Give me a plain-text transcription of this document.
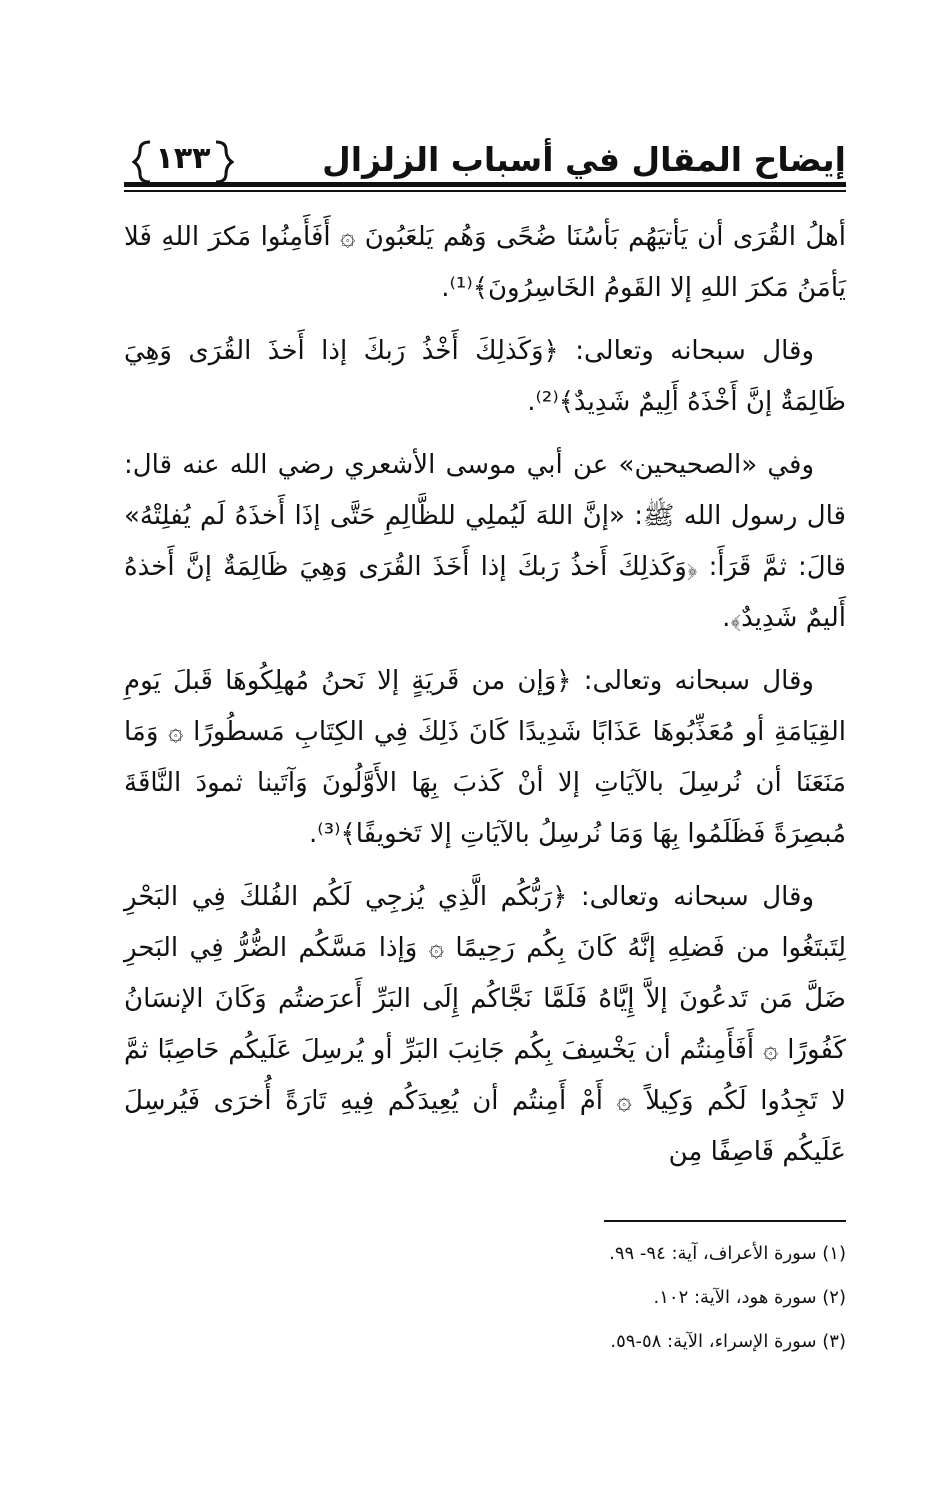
إيضاح المقال في أسباب الزلزال
١٣٣

أهلُ القُرَى أن يَأتيَهُم بَأسُنَا ضُحًى وَهُم يَلعَبُونَ ۞ أَفَأَمِنُوا مَكرَ اللهِ فَلا يَأمَنُ مَكرَ اللهِ إلا القَومُ الخَاسِرُونَ﴾⁽¹⁾.

وقال سبحانه وتعالى: ﴿وَكَذلِكَ أَخْذُ رَبكَ إذا أَخذَ القُرَى وَهِيَ ظَالِمَةٌ إنَّ أَخْذَهُ أَلِيمٌ شَدِيدٌ﴾⁽²⁾.

وفي «الصحيحين» عن أبي موسى الأشعري رضي الله عنه قال: قال رسول الله ﷺ: «إنَّ اللهَ لَيُملِي للظَّالِمِ حَتَّى إذَا أَخذَهُ لَم يُفلِتْهُ» قالَ: ثمَّ قَرَأَ: ﴿وَكَذلِكَ أَخذُ رَبكَ إذا أَخَذَ القُرَى وَهِيَ ظَالِمَةٌ إنَّ أَخذهُ أَليمٌ شَدِيدٌ﴾.

وقال سبحانه وتعالى: ﴿وَإن من قَريَةٍ إلا نَحنُ مُهلِكُوهَا قَبلَ يَومِ القِيَامَةِ أو مُعَذِّبُوهَا عَذَابًا شَدِيدًا كَانَ ذَلِكَ فِي الكِتَابِ مَسطُورًا ۞ وَمَا مَنَعَنَا أن نُرسِلَ بالآيَاتِ إلا أنْ كَذبَ بِهَا الأَوَّلُونَ وَآتَينا ثمودَ النَّاقَةَ مُبصِرَةً فَظَلَمُوا بِهَا وَمَا نُرسِلُ بالآيَاتِ إلا تَخويفًا﴾⁽³⁾.

وقال سبحانه وتعالى: ﴿رَبُّكُم الَّذِي يُزجِي لَكُم الفُلكَ فِي البَحْرِ لِتَبتَغُوا من فَضلِهِ إنَّهُ كَانَ بِكُم رَحِيمًا ۞ وَإذا مَسَّكُم الضُّرُّ فِي البَحرِ ضَلَّ مَن تَدعُونَ إلاَّ إِيَّاهُ فَلَمَّا نَجَّاكُم إِلَى البَرِّ أَعرَضتُم وَكَانَ الإنسَانُ كَفُورًا ۞ أَفَأَمِنتُم أن يَخْسِفَ بِكُم جَانِبَ البَرِّ أو يُرسِلَ عَلَيكُم حَاصِبًا ثمَّ لا تَجِدُوا لَكُم وَكِيلاً ۞ أَمْ أَمِنتُم أن يُعِيدَكُم فِيهِ تَارَةً أُخرَى فَيُرسِلَ عَلَيكُم قَاصِفًا مِن

(١) سورة الأعراف، آية: ٩٤- ٩٩.
(٢) سورة هود، الآية: ١٠٢.
(٣) سورة الإسراء، الآية: ٥٨-٥٩.
